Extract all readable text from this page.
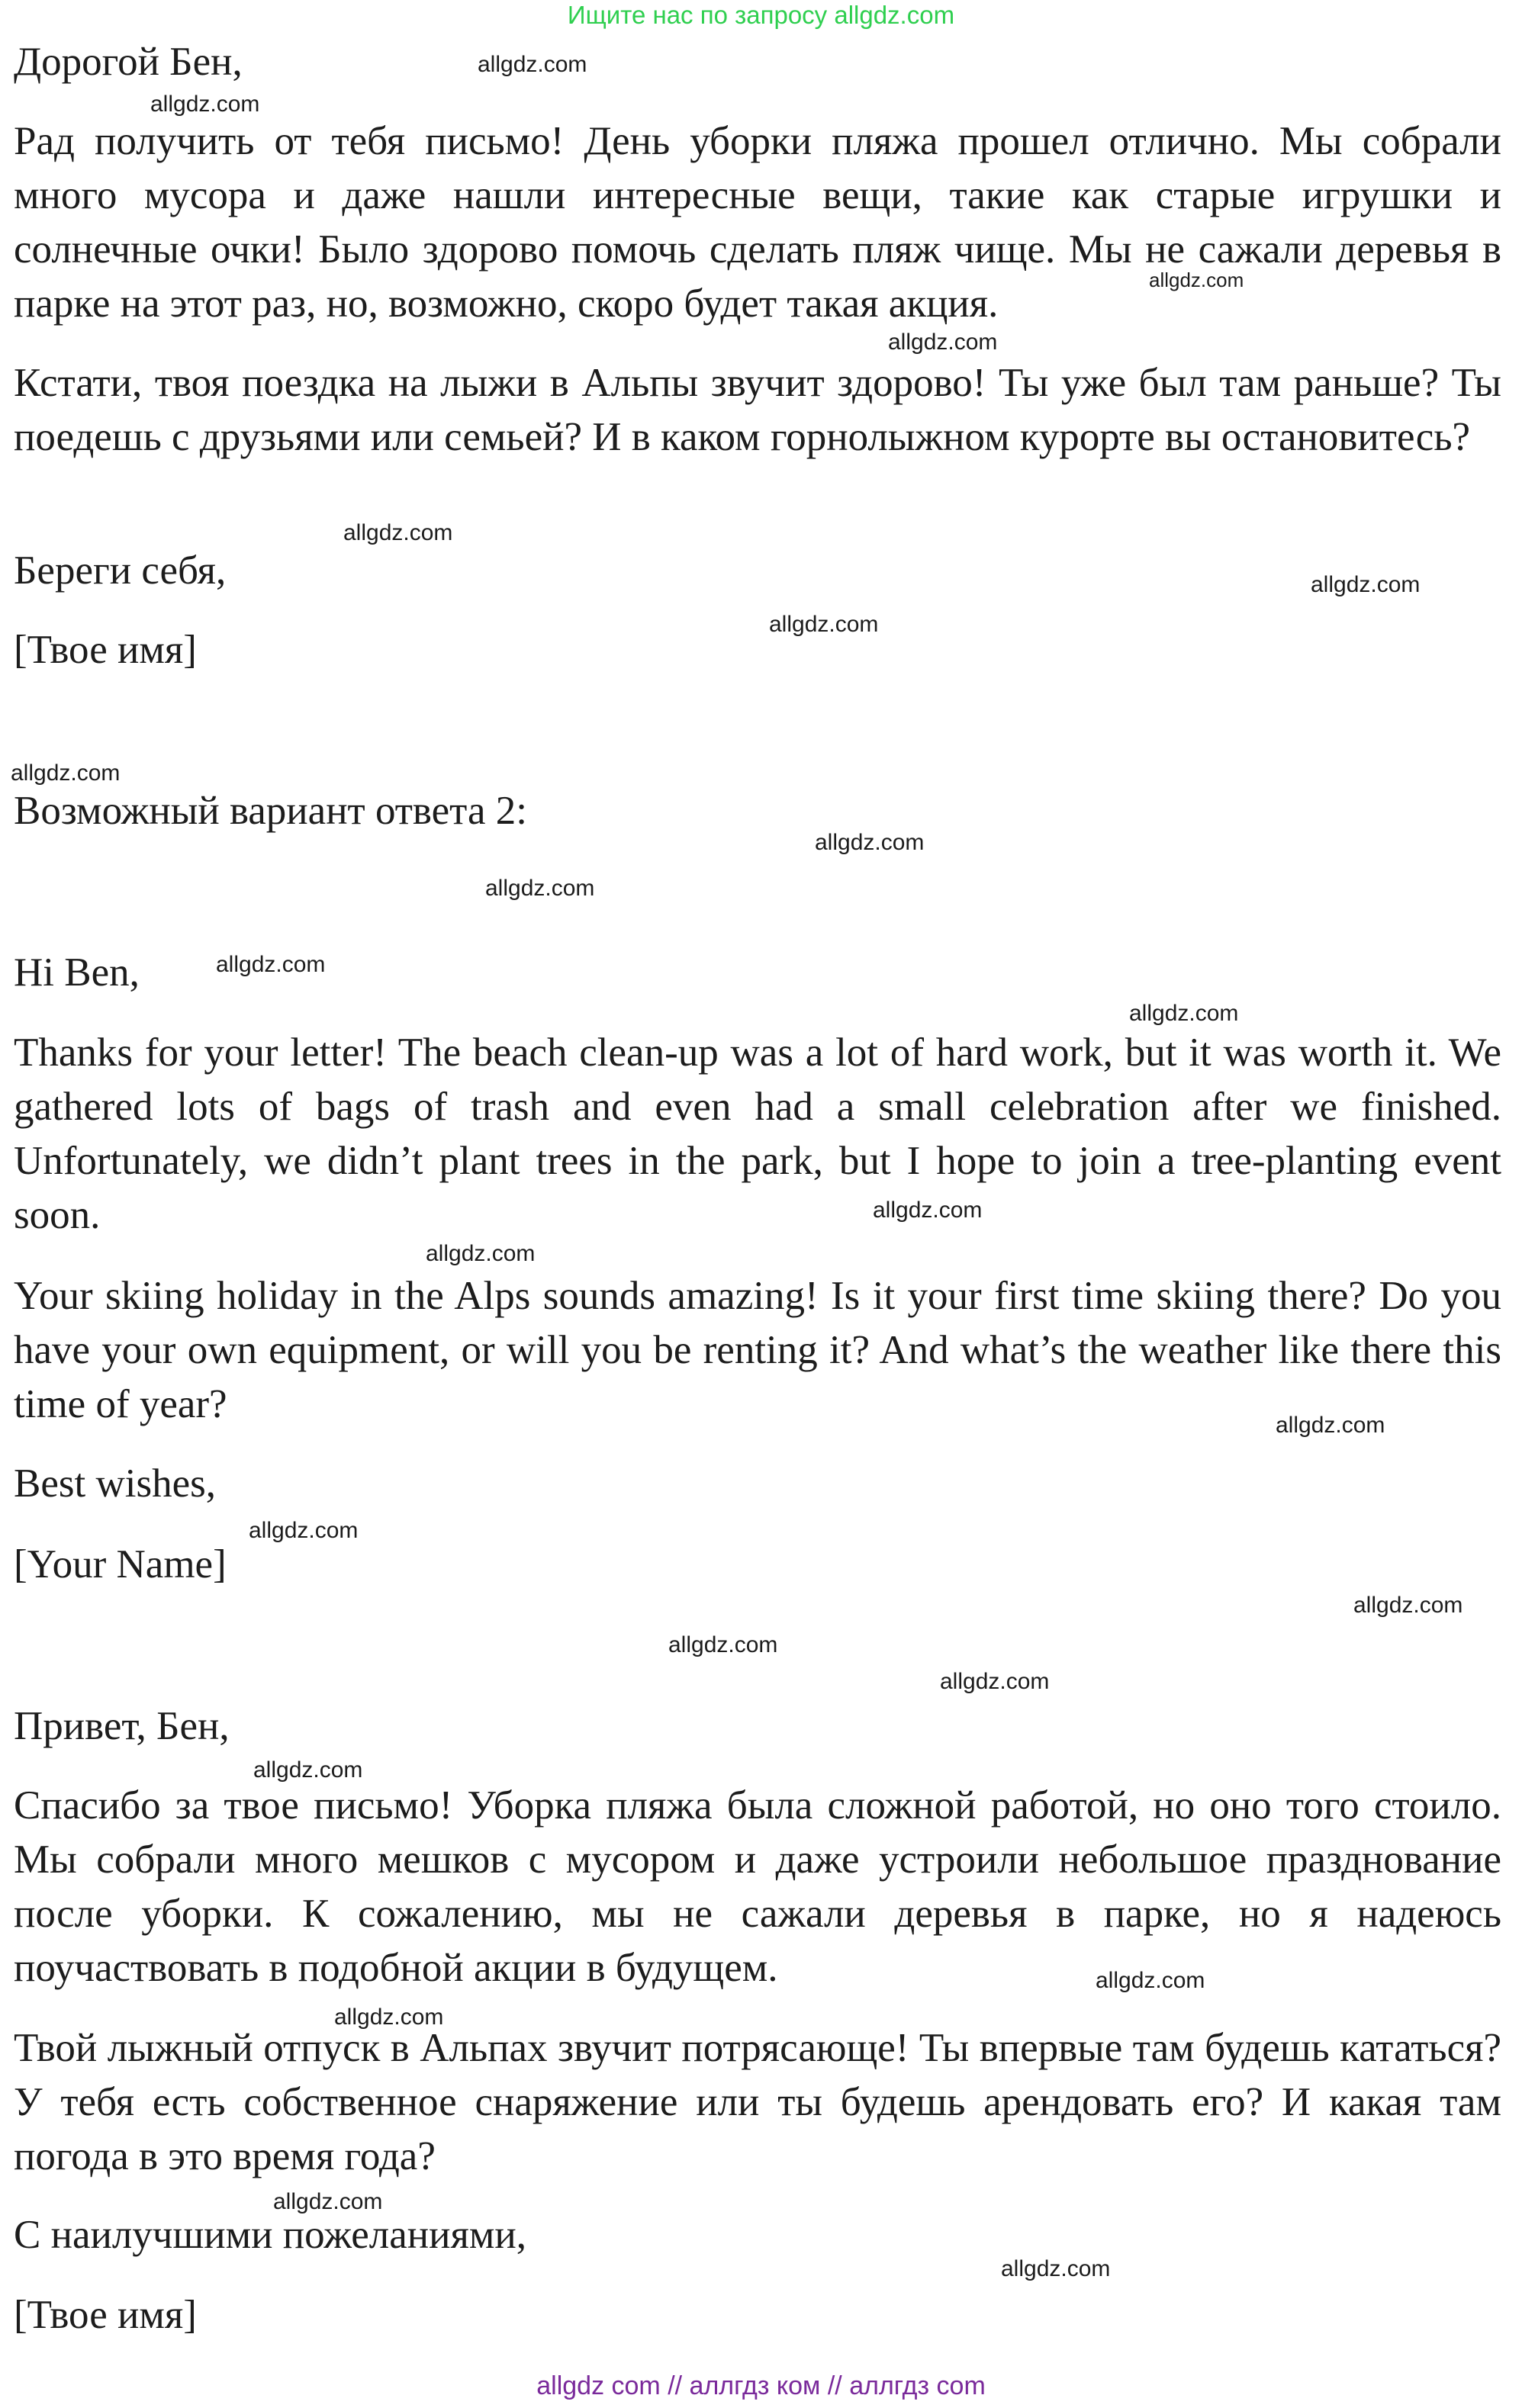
Ищите нас по запросу allgdz.com

Дорогой Бен,

Рад получить от тебя письмо! День уборки пляжа прошел отлично. Мы собрали много мусора и даже нашли интересные вещи, такие как старые игрушки и солнечные очки! Было здорово помочь сделать пляж чище. Мы не сажали деревья в парке на этот раз, но, возможно, скоро будет такая акция.

Кстати, твоя поездка на лыжи в Альпы звучит здорово! Ты уже был там раньше? Ты поедешь с друзьями или семьей? И в каком горнолыжном курорте вы остановитесь?

Береги себя,

[Твое имя]

Возможный вариант ответа 2:

Hi Ben,

Thanks for your letter! The beach clean-up was a lot of hard work, but it was worth it. We gathered lots of bags of trash and even had a small celebration after we finished. Unfortunately, we didn’t plant trees in the park, but I hope to join a tree-planting event soon.

Your skiing holiday in the Alps sounds amazing! Is it your first time skiing there? Do you have your own equipment, or will you be renting it? And what’s the weather like there this time of year?

Best wishes,

[Your Name]

Привет, Бен,

Спасибо за твое письмо! Уборка пляжа была сложной работой, но оно того стоило. Мы собрали много мешков с мусором и даже устроили небольшое празднование после уборки. К сожалению, мы не сажали деревья в парке, но я надеюсь поучаствовать в подобной акции в будущем.

Твой лыжный отпуск в Альпах звучит потрясающе! Ты впервые там будешь кататься? У тебя есть собственное снаряжение или ты будешь арендовать его? И какая там погода в это время года?

С наилучшими пожеланиями,

[Твое имя]

allgdz.com
allgdz.com
allgdz.com
allgdz.com
allgdz.com
allgdz.com
allgdz.com
allgdz.com
allgdz.com
allgdz.com
allgdz.com
allgdz.com
allgdz.com
allgdz.com
allgdz.com
allgdz.com
allgdz.com
allgdz.com
allgdz.com
allgdz.com
allgdz.com
allgdz.com
allgdz.com
allgdz.com
allgdz com // аллгдз ком // аллгдз com
